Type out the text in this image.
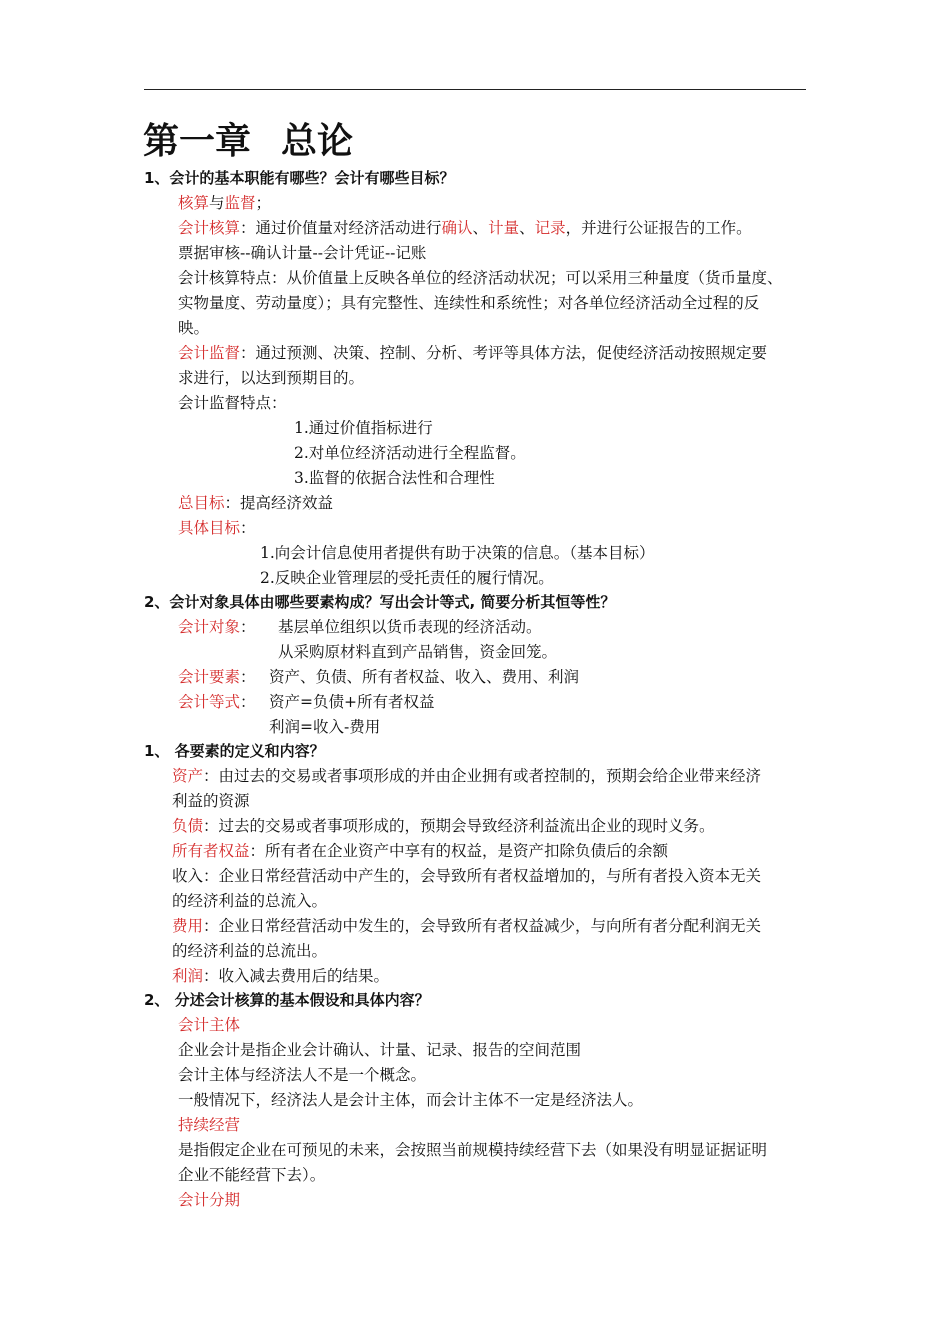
第一章 总论
1、会计的基本职能有哪些？会计有哪些目标？
核算与监督；
会计核算：通过价值量对经济活动进行确认、计量、记录，并进行公证报告的工作。
票据审核--确认计量--会计凭证--记账
会计核算特点：从价值量上反映各单位的经济活动状况；可以采用三种量度（货币量度、
实物量度、劳动量度）；具有完整性、连续性和系统性；对各单位经济活动全过程的反
映。
会计监督：通过预测、决策、控制、分析、考评等具体方法，促使经济活动按照规定要
求进行，以达到预期目的。
会计监督特点：
1.通过价值指标进行
2.对单位经济活动进行全程监督。
3.监督的依据合法性和合理性
总目标：提高经济效益
具体目标：
1.向会计信息使用者提供有助于决策的信息。（基本目标）
2.反映企业管理层的受托责任的履行情况。
2、会计对象具体由哪些要素构成？写出会计等式, 简要分析其恒等性？
会计对象： 基层单位组织以货币表现的经济活动。
从采购原材料直到产品销售，资金回笼。
会计要素： 资产、负债、所有者权益、收入、费用、利润
会计等式： 资产=负债+所有者权益
利润=收入-费用
1、 各要素的定义和内容？
资产：由过去的交易或者事项形成的并由企业拥有或者控制的，预期会给企业带来经济
利益的资源
负债：过去的交易或者事项形成的，预期会导致经济利益流出企业的现时义务。
所有者权益：所有者在企业资产中享有的权益，是资产扣除负债后的余额
收入：企业日常经营活动中产生的，会导致所有者权益增加的，与所有者投入资本无关
的经济利益的总流入。
费用：企业日常经营活动中发生的，会导致所有者权益减少，与向所有者分配利润无关
的经济利益的总流出。
利润：收入减去费用后的结果。
2、 分述会计核算的基本假设和具体内容？
会计主体
企业会计是指企业会计确认、计量、记录、报告的空间范围
会计主体与经济法人不是一个概念。
一般情况下，经济法人是会计主体，而会计主体不一定是经济法人。
持续经营
是指假定企业在可预见的未来，会按照当前规模持续经营下去（如果没有明显证据证明
企业不能经营下去）。
会计分期
